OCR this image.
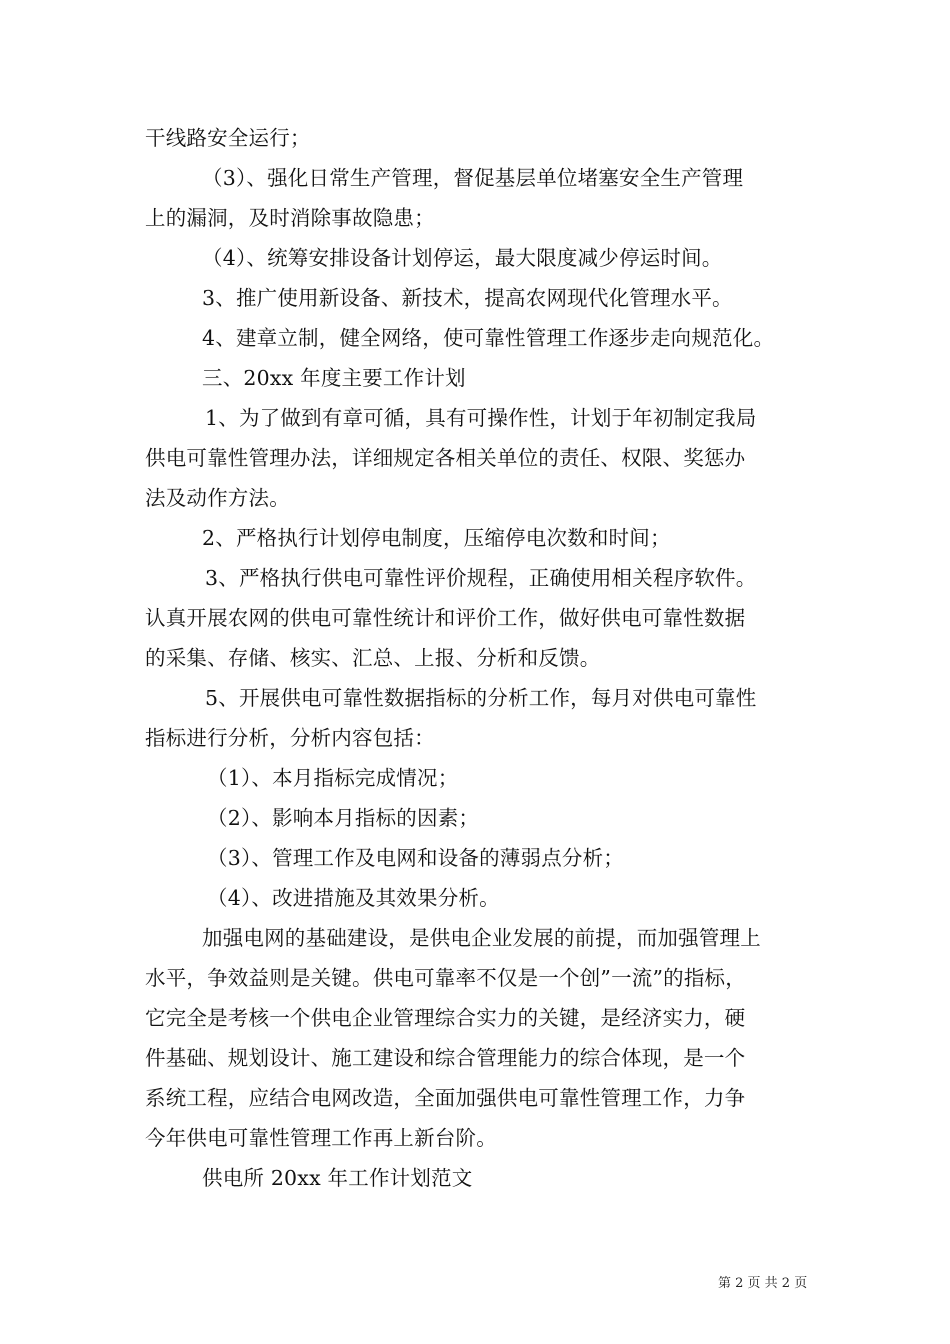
干线路安全运行；
（3）、强化日常生产管理，督促基层单位堵塞安全生产管理
上的漏洞，及时消除事故隐患；
（4）、统筹安排设备计划停运，最大限度减少停运时间。
3、推广使用新设备、新技术，提高农网现代化管理水平。
4、建章立制，健全网络，使可靠性管理工作逐步走向规范化。
三、20xx 年度主要工作计划
1、为了做到有章可循，具有可操作性，计划于年初制定我局
供电可靠性管理办法，详细规定各相关单位的责任、权限、奖惩办
法及动作方法。
2、严格执行计划停电制度，压缩停电次数和时间；
3、严格执行供电可靠性评价规程，正确使用相关程序软件。
认真开展农网的供电可靠性统计和评价工作，做好供电可靠性数据
的采集、存储、核实、汇总、上报、分析和反馈。
5、开展供电可靠性数据指标的分析工作，每月对供电可靠性
指标进行分析，分析内容包括：
（1）、本月指标完成情况；
（2）、影响本月指标的因素；
（3）、管理工作及电网和设备的薄弱点分析；
（4）、改进措施及其效果分析。
加强电网的基础建设，是供电企业发展的前提，而加强管理上
水平，争效益则是关键。供电可靠率不仅是一个创”一流”的指标，
它完全是考核一个供电企业管理综合实力的关键，是经济实力，硬
件基础、规划设计、施工建设和综合管理能力的综合体现，是一个
系统工程，应结合电网改造，全面加强供电可靠性管理工作，力争
今年供电可靠性管理工作再上新台阶。
供电所 20xx 年工作计划范文
第 2 页 共 2 页
